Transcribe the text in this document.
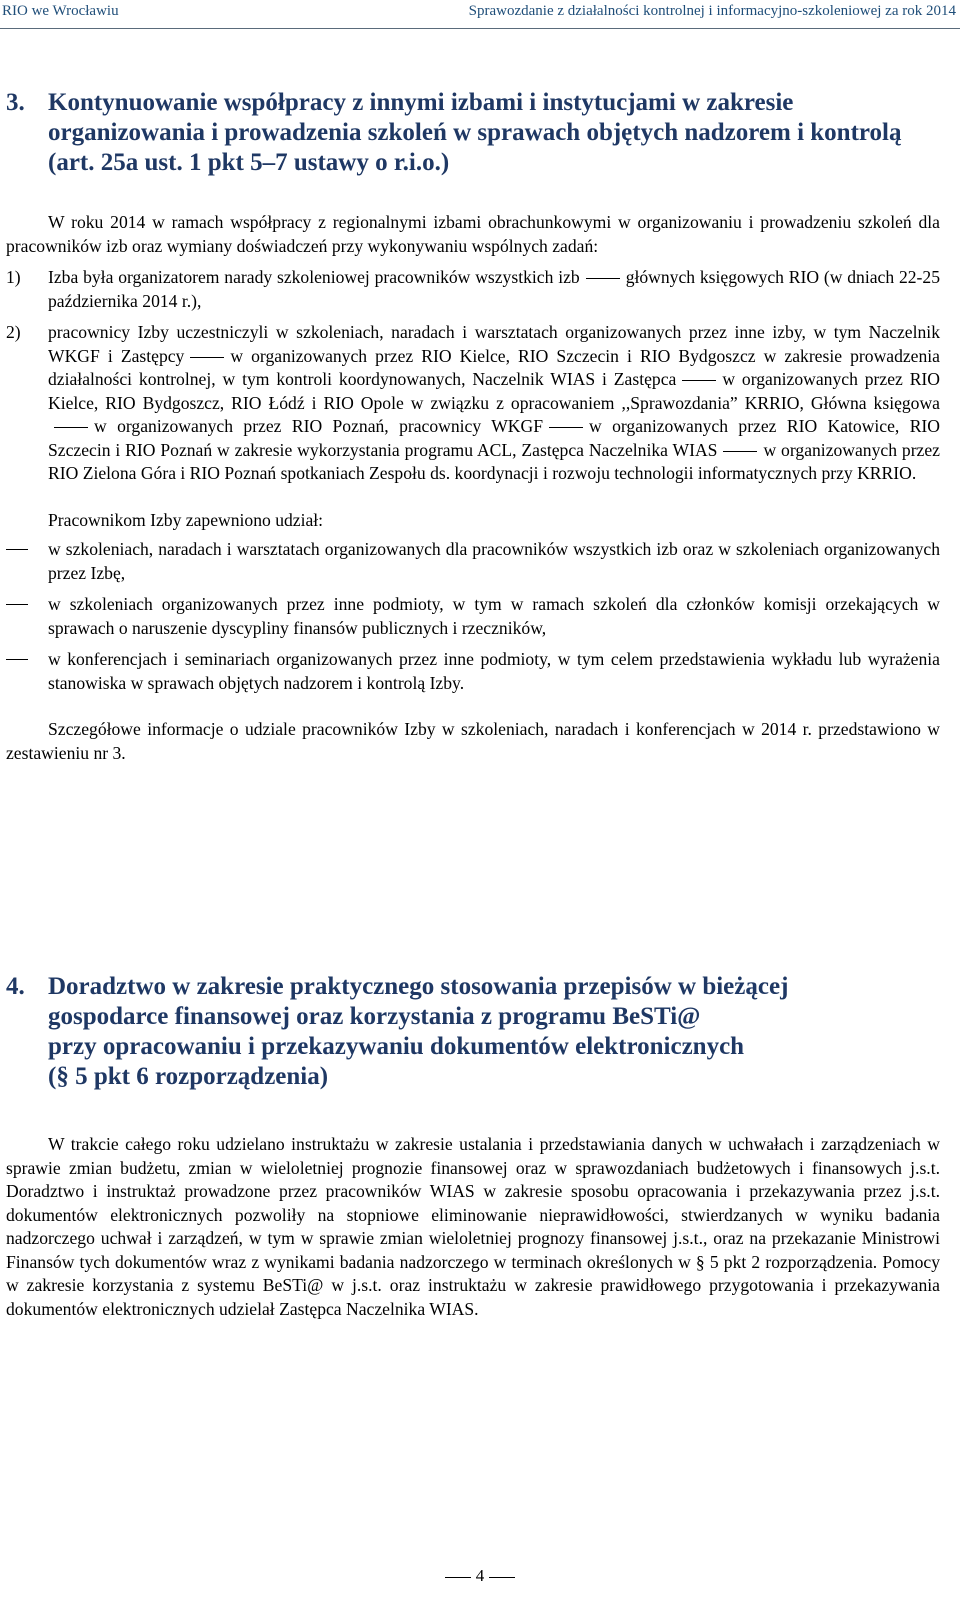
RIO we Wrocławiu	Sprawozdanie z działalności kontrolnej i informacyjno-szkoleniowej za rok 2014
3. Kontynuowanie współpracy z innymi izbami i instytucjami w zakresie organizowania i prowadzenia szkoleń w sprawach objętych nadzorem i kontrolą (art. 25a ust. 1 pkt 5–7 ustawy o r.i.o.)

W roku 2014 w ramach współpracy z regionalnymi izbami obrachunkowymi w organizowaniu i prowadzeniu szkoleń dla pracowników izb oraz wymiany doświadczeń przy wykonywaniu wspólnych zadań:

1) Izba była organizatorem narady szkoleniowej pracowników wszystkich izb	głównych księgowych RIO (w dniach 22-25 października 2014 r.),
2) pracownicy Izby uczestniczyli w szkoleniach, naradach i warsztatach organizowanych przez inne izby, w tym Naczelnik WKGF i Zastępcy	w organizowanych przez RIO Kielce, RIO Szczecin i RIO Bydgoszcz w zakresie prowadzenia działalności kontrolnej, w tym kontroli koordynowanych, Naczelnik WIAS i Zastępca	w organizowanych przez RIO Kielce, RIO Bydgoszcz, RIO Łódź i RIO Opole w związku z opracowaniem ,,Sprawozdania” KRRIO, Główna księgowaw organizowanych przez RIO Poznań, pracownicy WKGF	w organizowanych przez RIO Katowice, RIO Szczecin i RIO Poznań w zakresie wykorzystania programu ACL, Zastępca Naczelnika WIAS	w organizowanych przez RIO Zielona Góra i RIO Poznań spotkaniach Zespołu ds. koordynacji i rozwoju technologii informatycznych przy KRRIO.

Pracownikom Izby zapewniono udział:

w szkoleniach, naradach i warsztatach organizowanych dla pracowników wszystkich izb oraz w szkoleniach organizowanych przez Izbę,
w szkoleniach organizowanych przez inne podmioty, w tym w ramach szkoleń dla członków komisji orzekających w sprawach o naruszenie dyscypliny finansów publicznych i rzeczników,
w konferencjach i seminariach organizowanych przez inne podmioty, w tym celem przedstawienia wykładu lub wyrażenia stanowiska w sprawach objętych nadzorem i kontrolą Izby.

Szczegółowe informacje o udziale pracowników Izby w szkoleniach, naradach i konferencjach w 2014 r. przedstawiono w zestawieniu nr 3.

4. Doradztwo w zakresie praktycznego stosowania przepisów w bieżącej
gospodarce finansowej oraz korzystania z programu BeSTi@
przy opracowaniu i przekazywaniu dokumentów elektronicznych
(§ 5 pkt 6 rozporządzenia)

W trakcie całego roku udzielano instruktażu w zakresie ustalania i przedstawiania danych w uchwałach i zarządzeniach w sprawie zmian budżetu, zmian w wieloletniej prognozie finansowej oraz w sprawozdaniach budżetowych i finansowych j.s.t. Doradztwo i instruktaż prowadzone przez pracowników WIAS w zakresie sposobu opracowania i przekazywania przez j.s.t. dokumentów elektronicznych pozwoliły na stopniowe eliminowanie nieprawidłowości, stwierdzanych w wyniku badania nadzorczego uchwał i zarządzeń, w tym w sprawie zmian wieloletniej prognozy finansowej j.s.t., oraz na przekazanie Ministrowi Finansów tych dokumentów wraz z wynikami badania nadzorczego w terminach określonych w § 5 pkt 2 rozporządzenia. Pomocy w zakresie korzystania z systemu BeSTi@ w j.s.t. oraz instruktażu w zakresie prawidłowego przygotowania i przekazywania dokumentów elektronicznych udzielał Zastępca Naczelnika WIAS.

4
